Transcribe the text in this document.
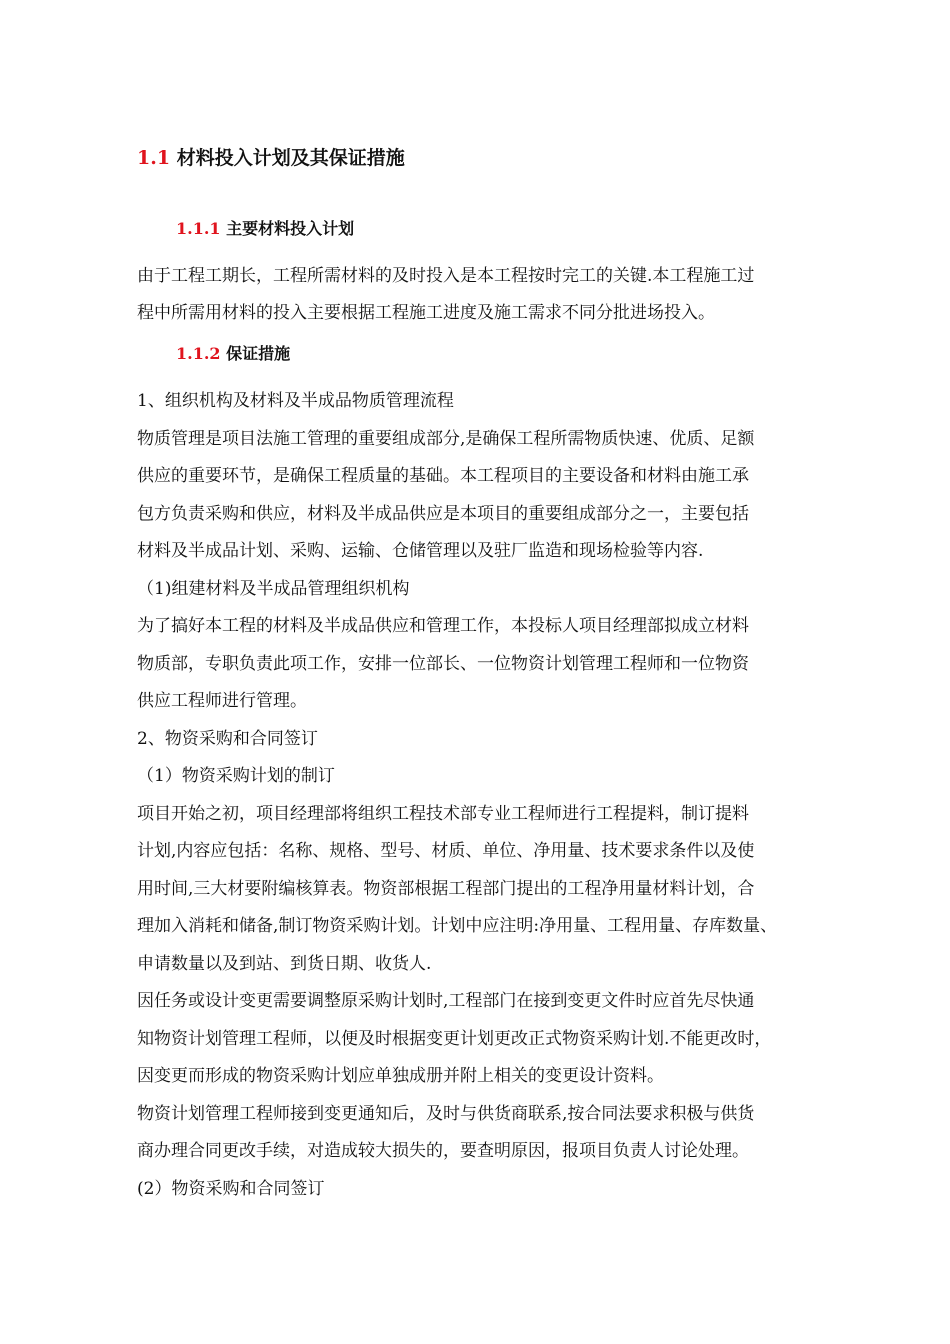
1.1 材料投入计划及其保证措施
1.1.1 主要材料投入计划
由于工程工期长，工程所需材料的及时投入是本工程按时完工的关键.本工程施工过
程中所需用材料的投入主要根据工程施工进度及施工需求不同分批进场投入。
1.1.2 保证措施
1、组织机构及材料及半成品物质管理流程
物质管理是项目法施工管理的重要组成部分,是确保工程所需物质快速、优质、足额
供应的重要环节，是确保工程质量的基础。本工程项目的主要设备和材料由施工承
包方负责采购和供应，材料及半成品供应是本项目的重要组成部分之一，主要包括
材料及半成品计划、采购、运输、仓储管理以及驻厂监造和现场检验等内容.
（1)组建材料及半成品管理组织机构
为了搞好本工程的材料及半成品供应和管理工作，本投标人项目经理部拟成立材料
物质部，专职负责此项工作，安排一位部长、一位物资计划管理工程师和一位物资
供应工程师进行管理。
2、物资采购和合同签订
（1）物资采购计划的制订
项目开始之初，项目经理部将组织工程技术部专业工程师进行工程提料，制订提料
计划,内容应包括：名称、规格、型号、材质、单位、净用量、技术要求条件以及使
用时间,三大材要附编核算表。物资部根据工程部门提出的工程净用量材料计划，合
理加入消耗和储备,制订物资采购计划。计划中应注明:净用量、工程用量、存库数量、
申请数量以及到站、到货日期、收货人.
因任务或设计变更需要调整原采购计划时,工程部门在接到变更文件时应首先尽快通
知物资计划管理工程师，以便及时根据变更计划更改正式物资采购计划.不能更改时，
因变更而形成的物资采购计划应单独成册并附上相关的变更设计资料。
物资计划管理工程师接到变更通知后，及时与供货商联系,按合同法要求积极与供货
商办理合同更改手续，对造成较大损失的，要查明原因，报项目负责人讨论处理。
(2）物资采购和合同签订
